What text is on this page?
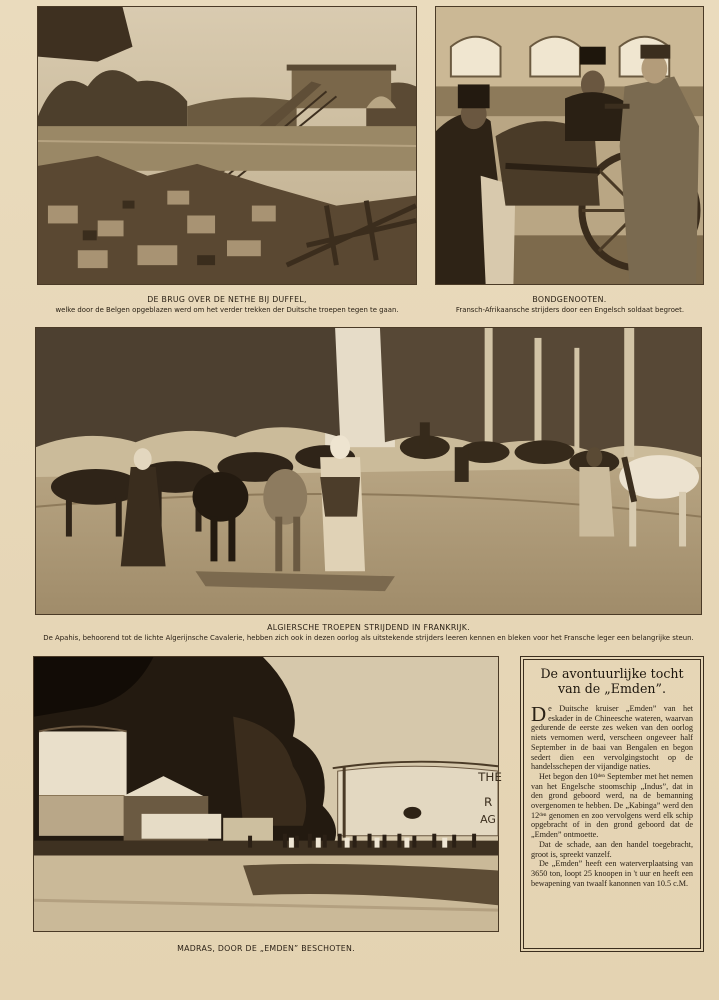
DE BRUG OVER DE NETHE BIJ DUFFEL,
welke door de Belgen opgeblazen werd om het verder trekken der Duitsche troepen tegen te gaan.
BONDGENOOTEN.
Fransch-Afrikaansche strijders door een Engelsch soldaat begroet.
ALGIERSCHE TROEPEN STRIJDEND IN FRANKRIJK.
De Apahis, behoorend tot de lichte Algerijnsche Cavalerie, hebben zich ook in dezen oorlog als uitstekende strijders leeren kennen en bleken voor het Fransche leger een belangrijke steun.
THE
R
AG
MADRAS, DOOR DE „EMDEN” BESCHOTEN.
De avontuurlijke tocht van de „Emden”.

De Duitsche kruiser „Emden” van het eskader in de Chineesche wateren, waarvan gedurende de eerste zes weken van den oorlog niets vernomen werd, verscheen ongeveer half September in de baai van Bengalen en begon sedert dien een vervolgingstocht op de handelsschepen der vijandige naties.

Het begon den 10ᵈᵉⁿ September met het nemen van het Engelsche stoomschip „Indus”, dat in den grond geboord werd, na de bemanning overgenomen te hebben. De „Kabinga” werd den 12ᵈᵉⁿ genomen en zoo vervolgens werd elk schip opgebracht of in den grond geboord dat de „Emden” ontmoette.

Dat de schade, aan den handel toegebracht, groot is, spreekt vanzelf.

De „Emden” heeft een waterverplaatsing van 3650 ton, loopt 25 knoopen in 't uur en heeft een bewapening van twaalf kanonnen van 10.5 c.M.
